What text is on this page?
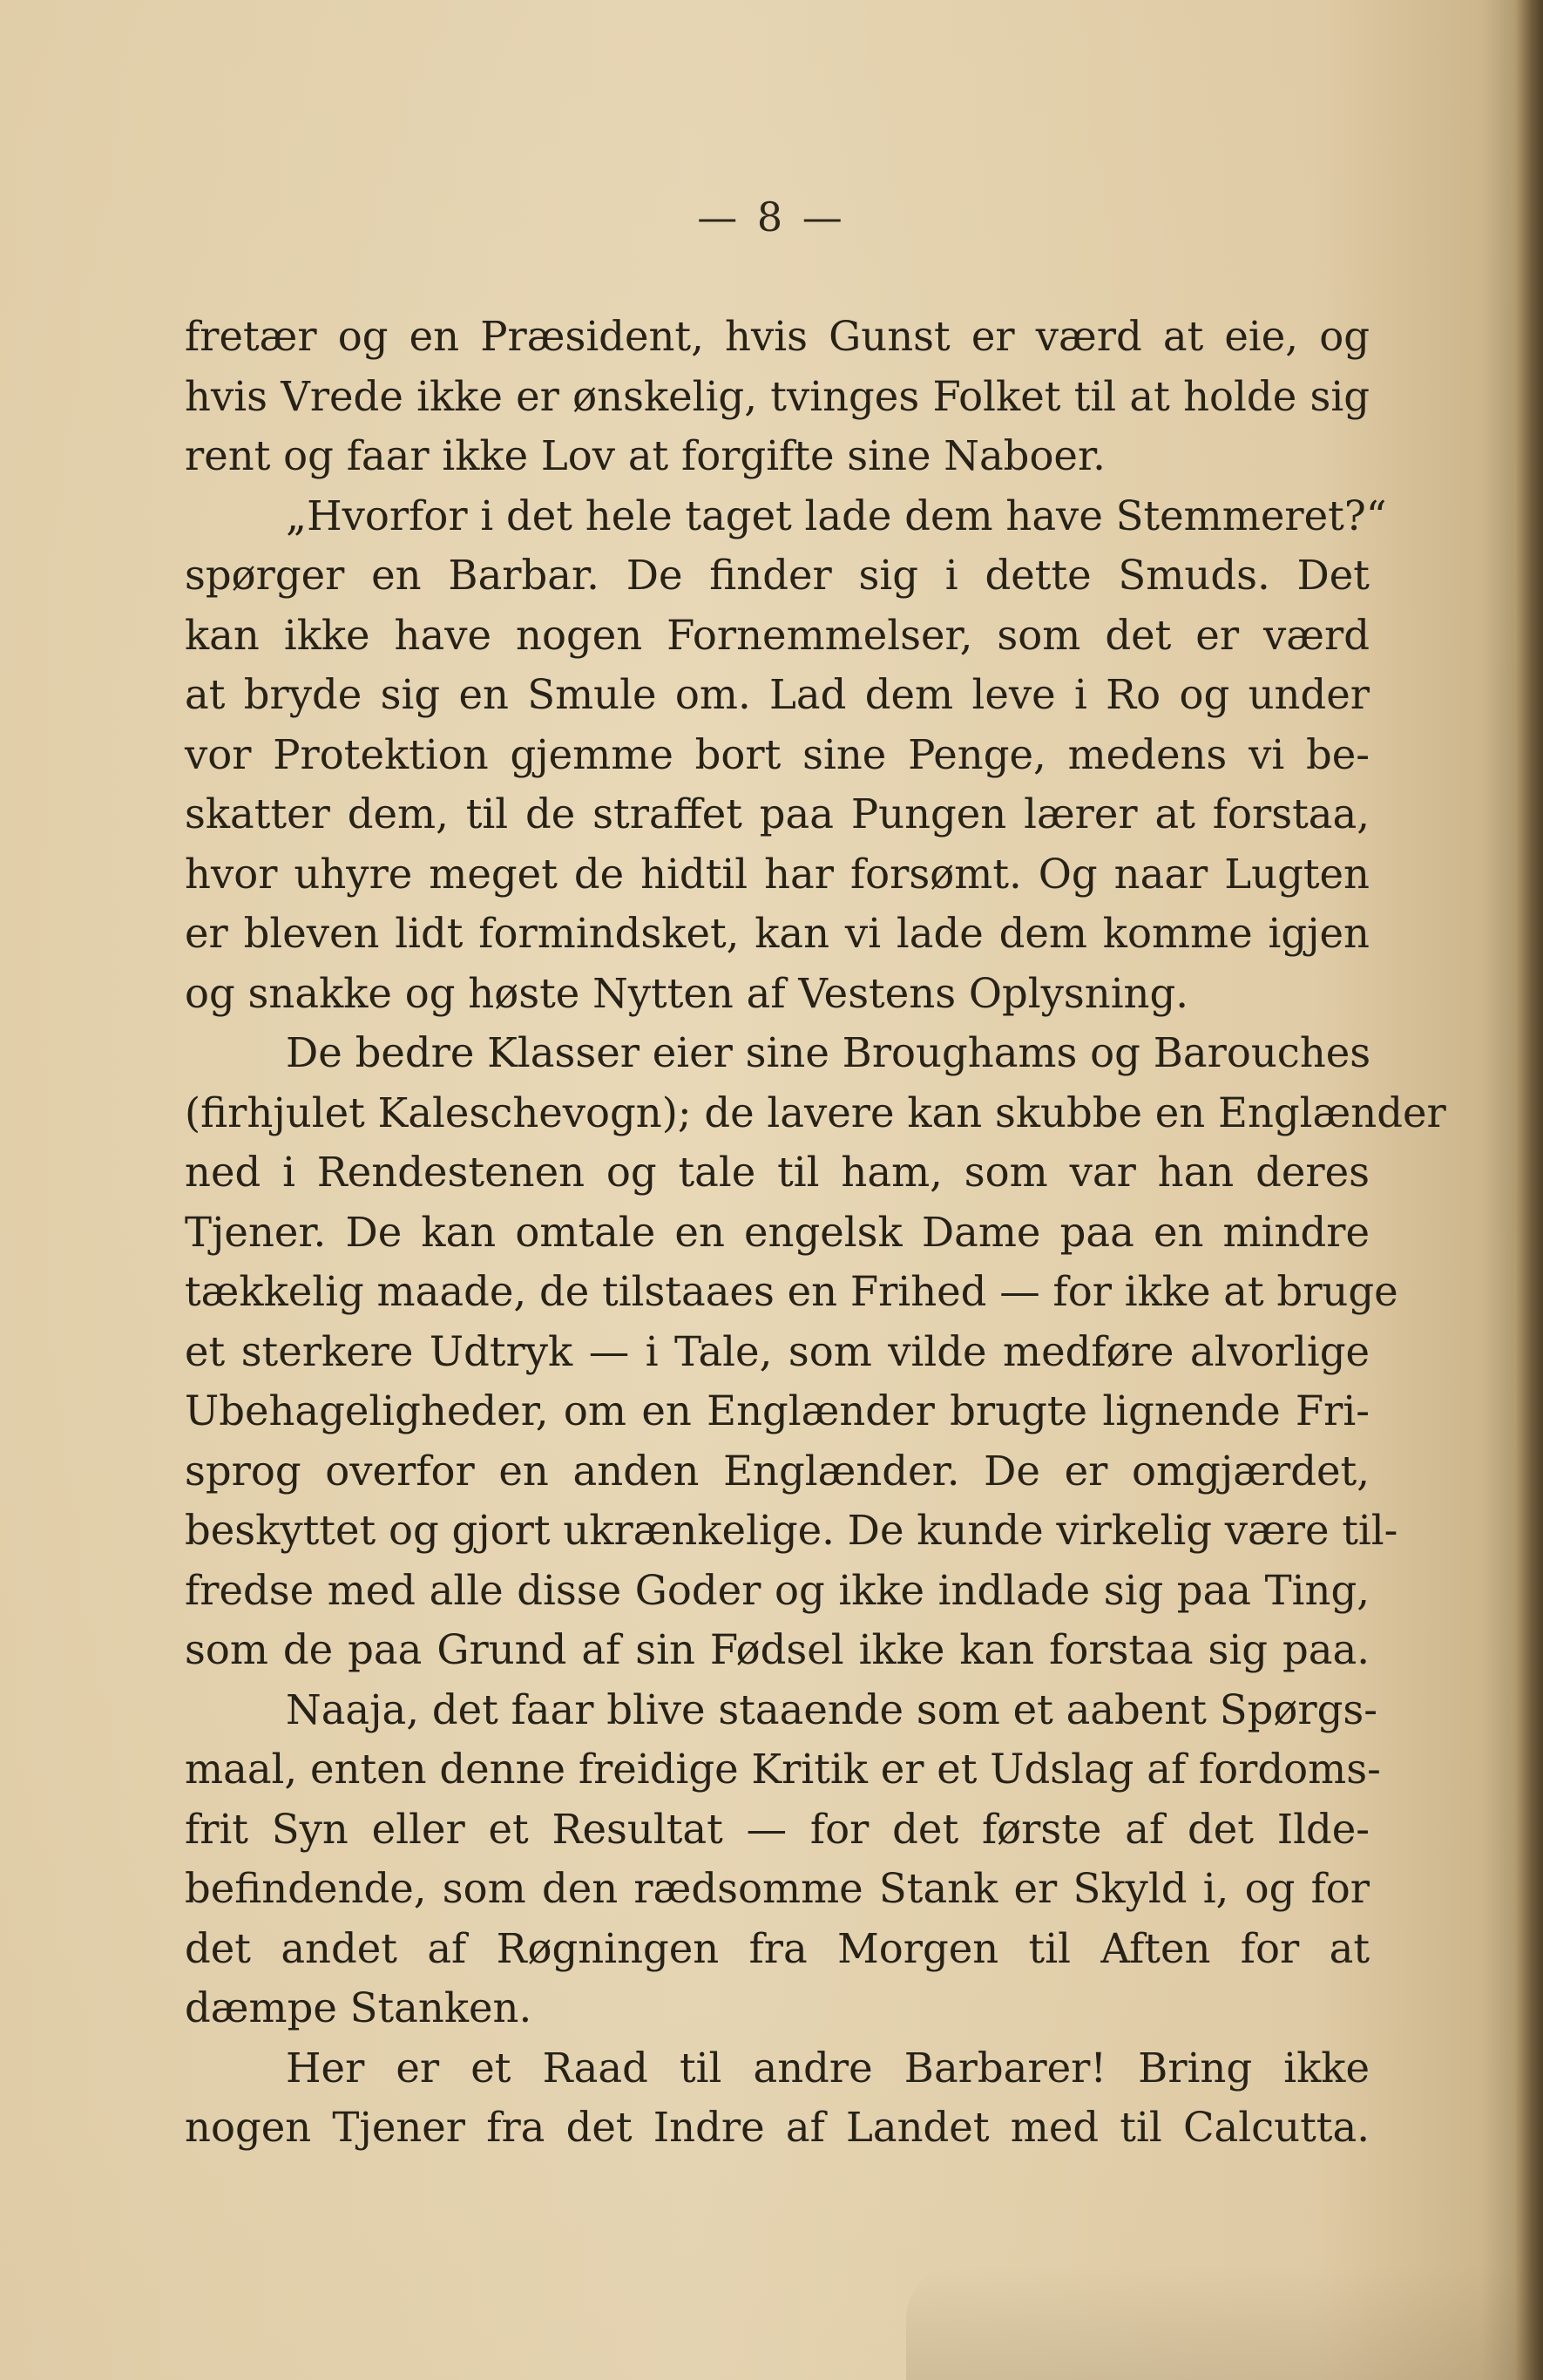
— 8 —
fretær og en Præsident, hvis Gunst er værd at eie, og
hvis Vrede ikke er ønskelig, tvinges Folket til at holde sig
rent og faar ikke Lov at forgifte sine Naboer.
„Hvorfor i det hele taget lade dem have Stemmeret?“
spørger en Barbar. De finder sig i dette Smuds. Det
kan ikke have nogen Fornemmelser, som det er værd
at bryde sig en Smule om. Lad dem leve i Ro og under
vor Protektion gjemme bort sine Penge, medens vi be-
skatter dem, til de straffet paa Pungen lærer at forstaa,
hvor uhyre meget de hidtil har forsømt. Og naar Lugten
er bleven lidt formindsket, kan vi lade dem komme igjen
og snakke og høste Nytten af Vestens Oplysning.
De bedre Klasser eier sine Broughams og Barouches
(firhjulet Kaleschevogn); de lavere kan skubbe en Englænder
ned i Rendestenen og tale til ham, som var han deres
Tjener. De kan omtale en engelsk Dame paa en mindre
tækkelig maade, de tilstaaes en Frihed — for ikke at bruge
et sterkere Udtryk — i Tale, som vilde medføre alvorlige
Ubehageligheder, om en Englænder brugte lignende Fri-
sprog overfor en anden Englænder. De er omgjærdet,
beskyttet og gjort ukrænkelige. De kunde virkelig være til-
fredse med alle disse Goder og ikke indlade sig paa Ting,
som de paa Grund af sin Fødsel ikke kan forstaa sig paa.
Naaja, det faar blive staaende som et aabent Spørgs-
maal, enten denne freidige Kritik er et Udslag af fordoms-
frit Syn eller et Resultat — for det første af det Ilde-
befindende, som den rædsomme Stank er Skyld i, og for
det andet af Røgningen fra Morgen til Aften for at
dæmpe Stanken.
Her er et Raad til andre Barbarer! Bring ikke
nogen Tjener fra det Indre af Landet med til Calcutta.
